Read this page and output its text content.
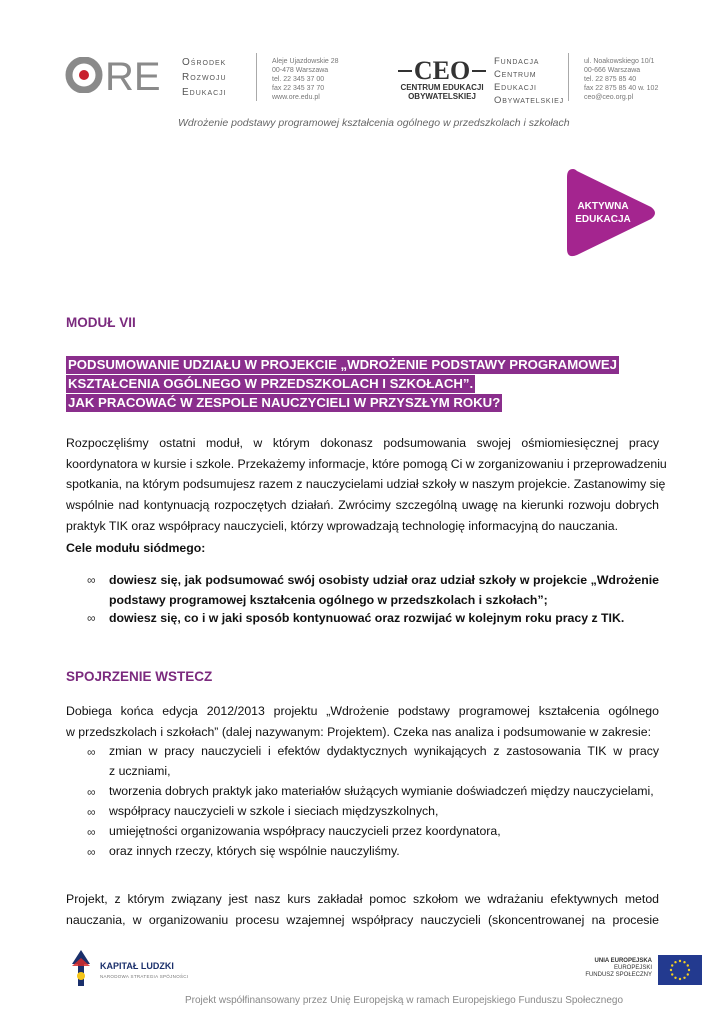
RE Ośrodek
Rozwoju
Edukacji
Aleje Ujazdowskie 28
00-478 Warszawa
tel. 22 345 37 00
fax 22 345 37 70
www.ore.edu.pl
CEO
CENTRUM EDUKACJI
OBYWATELSKIEJ
Fundacja
Centrum
Edukacji
Obywatelskiej
ul. Noakowskiego 10/1
00-666 Warszawa
tel. 22 875 85 40
fax 22 875 85 40 w. 102
ceo@ceo.org.pl
Wdrożenie podstawy programowej kształcenia ogólnego w przedszkolach i szkołach
AKTYWNA
EDUKACJA
MODUŁ VII
PODSUMOWANIE UDZIAŁU W PROJEKCIE „WDROŻENIE PODSTAWY PROGRAMOWEJ
KSZTAŁCENIA OGÓLNEGO W PRZEDSZKOLACH I SZKOŁACH”.
JAK PRACOWAĆ W ZESPOLE NAUCZYCIELI W PRZYSZŁYM ROKU?
Rozpoczęliśmy ostatni moduł, w którym dokonasz podsumowania swojej ośmiomiesięcznej pracy
koordynatora w kursie i szkole. Przekażemy informacje, które pomogą Ci w zorganizowaniu i przeprowadzeniu
spotkania, na którym podsumujesz razem z nauczycielami udział szkoły w naszym projekcie. Zastanowimy się
wspólnie nad kontynuacją rozpoczętych działań. Zwrócimy szczególną uwagę na kierunki rozwoju dobrych
praktyk TIK oraz współpracy nauczycieli, którzy wprowadzają technologię informacyjną do nauczania.
Cele modułu siódmego:
∞ dowiesz się, jak podsumować swój osobisty udział oraz udział szkoły w projekcie „Wdrożenie
podstawy programowej kształcenia ogólnego w przedszkolach i szkołach”;
∞ dowiesz się, co i w jaki sposób kontynuować oraz rozwijać w kolejnym roku pracy z TIK.
SPOJRZENIE WSTECZ
Dobiega końca edycja 2012/2013 projektu „Wdrożenie podstawy programowej kształcenia ogólnego
w przedszkolach i szkołach” (dalej nazywanym: Projektem). Czeka nas analiza i podsumowanie w zakresie:
∞ zmian w pracy nauczycieli i efektów dydaktycznych wynikających z zastosowania TIK w pracy
z uczniami,
∞ tworzenia dobrych praktyk jako materiałów służących wymianie doświadczeń między nauczycielami,
∞ współpracy nauczycieli w szkole i sieciach międzyszkolnych,
∞ umiejętności organizowania współpracy nauczycieli przez koordynatora,
∞ oraz innych rzeczy, których się wspólnie nauczyliśmy.
Projekt, z którym związany jest nasz kurs zakładał pomoc szkołom we wdrażaniu efektywnych metod
nauczania, w organizowaniu procesu wzajemnej współpracy nauczycieli (skoncentrowanej na procesie
KAPITAŁ LUDZKI
NARODOWA STRATEGIA SPÓJNOŚCI
UNIA EUROPEJSKA
EUROPEJSKI
FUNDUSZ SPOŁECZNY
Projekt współfinansowany przez Unię Europejską w ramach Europejskiego Funduszu Społecznego
